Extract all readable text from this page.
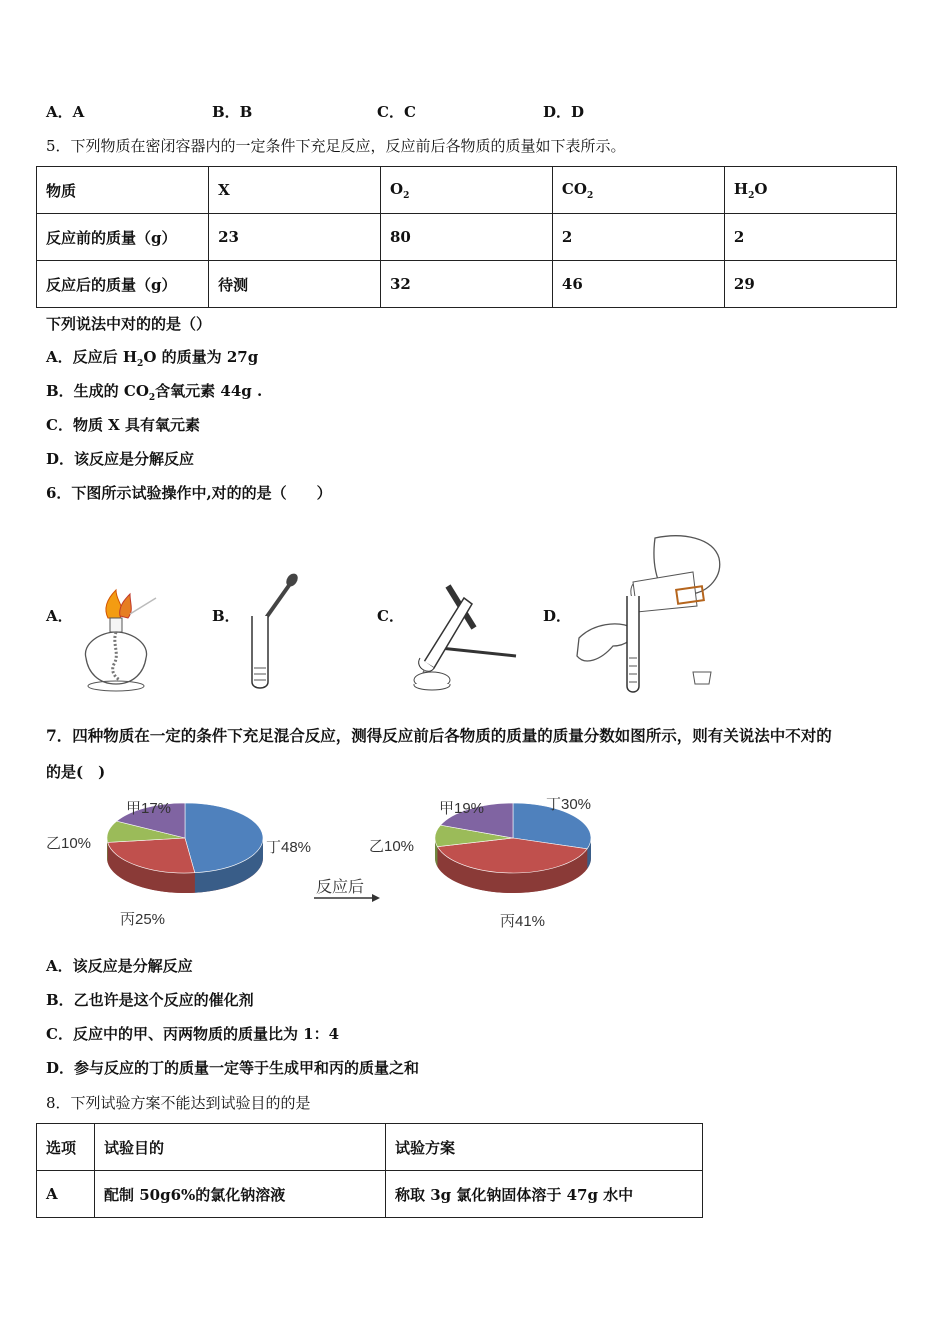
A．A	B．B	C．C	D．D
5．下列物质在密闭容器内的一定条件下充足反应，反应前后各物质的质量如下表所示。
物质	X	$O_2$	$CO_2$	$H_2O$
反应前的质量（g）	23	80	2	2
反应后的质量（g）	待测	32	46	29
下列说法中对的的是（）
A．反应后 $H_2O$ 的质量为 27g
B．生成的 $CO_2$含氧元素 44g .
C．物质 X 具有氧元素
D．该反应是分解反应
6．下图所示试验操作中,对的的是（　　）
A．	B．	C．	D．
7．四种物质在一定的条件下充足混合反应，测得反应前后各物质的质量的质量分数如图所示，则有关说法中不对的
的是(　)
甲17%
乙10%
丙25%
丁48%
甲19%
乙10%
丙41%
丁30%
反应后
A．该反应是分解反应
B．乙也许是这个反应的催化剂
C．反应中的甲、丙两物质的质量比为 1：4
D．参与反应的丁的质量一定等于生成甲和丙的质量之和
8．下列试验方案不能达到试验目的的是
选项	试验目的	试验方案
A	配制 50g6%的氯化钠溶液	称取 3g 氯化钠固体溶于 47g 水中
